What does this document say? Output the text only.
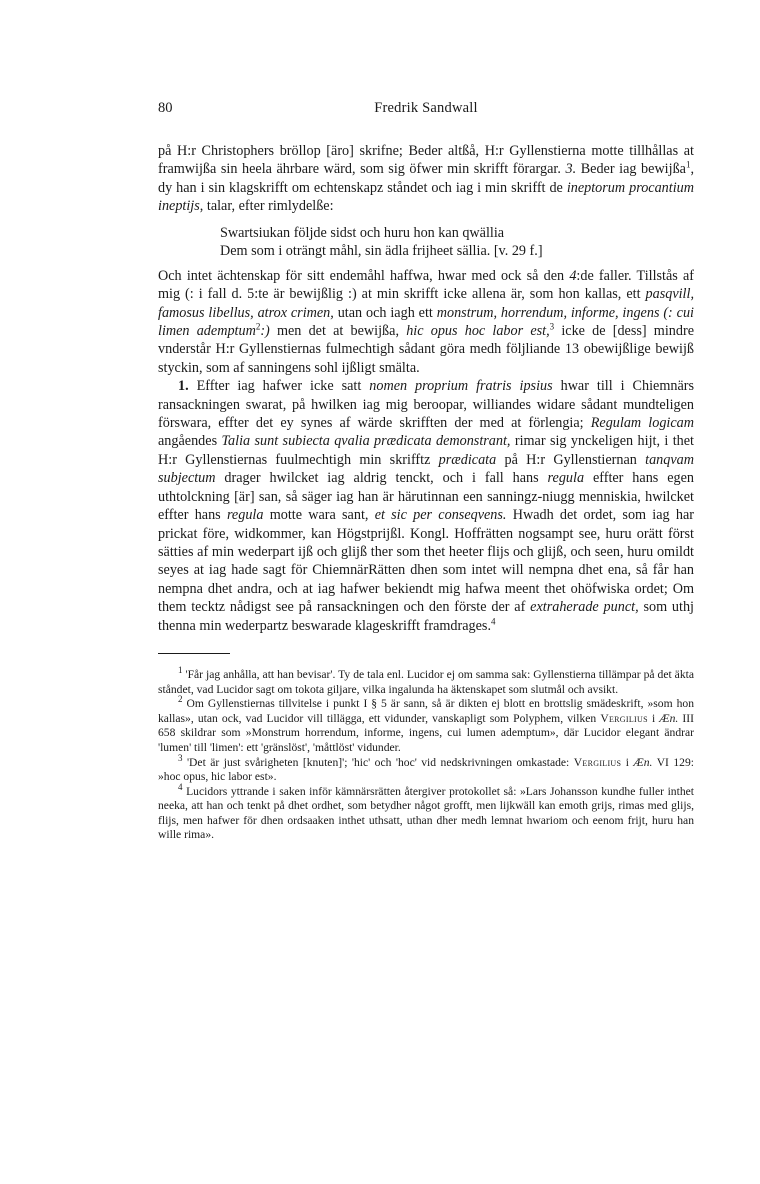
80	Fredrik Sandwall

på H:r Christophers bröllop [äro] skrifne; Beder altßå, H:r Gyllenstierna motte tillhållas at framwijßa sin heela ährbare wärd, som sig öfwer min skrifft förargar. 3. Beder iag bewijßa$^1$, dy han i sin klagskrifft om echtenskapz ståndet och iag i min skrifft de ineptorum procantium ineptijs, talar, efter rimlydelße:

Swartsiukan följde sidst och huru hon kan qwällia
Dem som i oträngt måhl, sin ädla frijheet sällia. [v. 29 f.]

Och intet ächtenskap för sitt endemåhl haffwa, hwar med ock så den 4:de faller. Tillstås af mig (: i fall d. 5:te är bewijßlig :) at min skrifft icke allena är, som hon kallas, ett pasqvill, famosus libellus, atrox crimen, utan och iagh ett monstrum, horrendum, informe, ingens (: cui limen ademptum$^2$:) men det at bewijßa, hic opus hoc labor est,$^3$ icke de [dess] mindre vnderstår H:r Gyllenstiernas fulmechtigh sådant göra medh följliande 13 obewijßlige bewijß styckin, som af sanningens sohl ijßligt smälta.

1. Effter iag hafwer icke satt nomen proprium fratris ipsius hwar till i Chiemnärs ransackningen swarat, på hwilken iag mig beroopar, williandes widare sådant mundteligen förswara, effter det ey synes af wärde skrifften der med at förlengia; Regulam logicam angåendes Talia sunt subiecta qvalia prædicata demonstrant, rimar sig ynckeligen hijt, i thet H:r Gyllenstiernas fuulmechtigh min skrifftz prædicata på H:r Gyllenstiernan tanqvam subjectum drager hwilcket iag aldrig tenckt, och i fall hans regula effter hans egen uthtolckning [är] san, så säger iag han är härutinnan een sanningz-niugg menniskia, hwilcket effter hans regula motte wara sant, et sic per conseqvens. Hwadh det ordet, som iag har prickat före, widkommer, kan Högstprijßl. Kongl. Hoffrätten nogsampt see, huru orätt först sätties af min wederpart ijß och glijß ther som thet heeter flijs och glijß, och seen, huru omildt seyes at iag hade sagt för ChiemnärRätten dhen som intet will nempna dhet ena, så får han nempna dhet andra, och at iag hafwer bekiendt mig hafwa meent thet ohöfwiska ordet; Om them tecktz nådigst see på ransackningen och den förste der af extraherade punct, som uthj thenna min wederpartz beswarade klageskrifft framdrages.$^4$

$^1$ 'Får jag anhålla, att han bevisar'. Ty de tala enl. Lucidor ej om samma sak: Gyllenstierna tillämpar på det äkta ståndet, vad Lucidor sagt om tokota giljare, vilka ingalunda ha äktenskapet som slutmål och avsikt.

$^2$ Om Gyllenstiernas tillvitelse i punkt I § 5 är sann, så är dikten ej blott en brottslig smädeskrift, »som hon kallas», utan ock, vad Lucidor vill tillägga, ett vidunder, vanskapligt som Polyphem, vilken Vergilius i Æn. III 658 skildrar som »Monstrum horrendum, informe, ingens, cui lumen ademptum», där Lucidor elegant ändrar 'lumen' till 'limen': ett 'gränslöst', 'måttlöst' vidunder.

$^3$ 'Det är just svårigheten [knuten]'; 'hic' och 'hoc' vid nedskrivningen omkastade: Vergilius i Æn. VI 129: »hoc opus, hic labor est».

$^4$ Lucidors yttrande i saken inför kämnärsrätten återgiver protokollet så: »Lars Johansson kundhe fuller inthet neeka, att han och tenkt på dhet ordhet, som betydher något grofft, men lijkwäll kan emoth grijs, rimas med glijs, flijs, men hafwer för dhen ordsaaken inthet uthsatt, uthan dher medh lemnat hwariom och eenom frijt, huru han wille rima».
